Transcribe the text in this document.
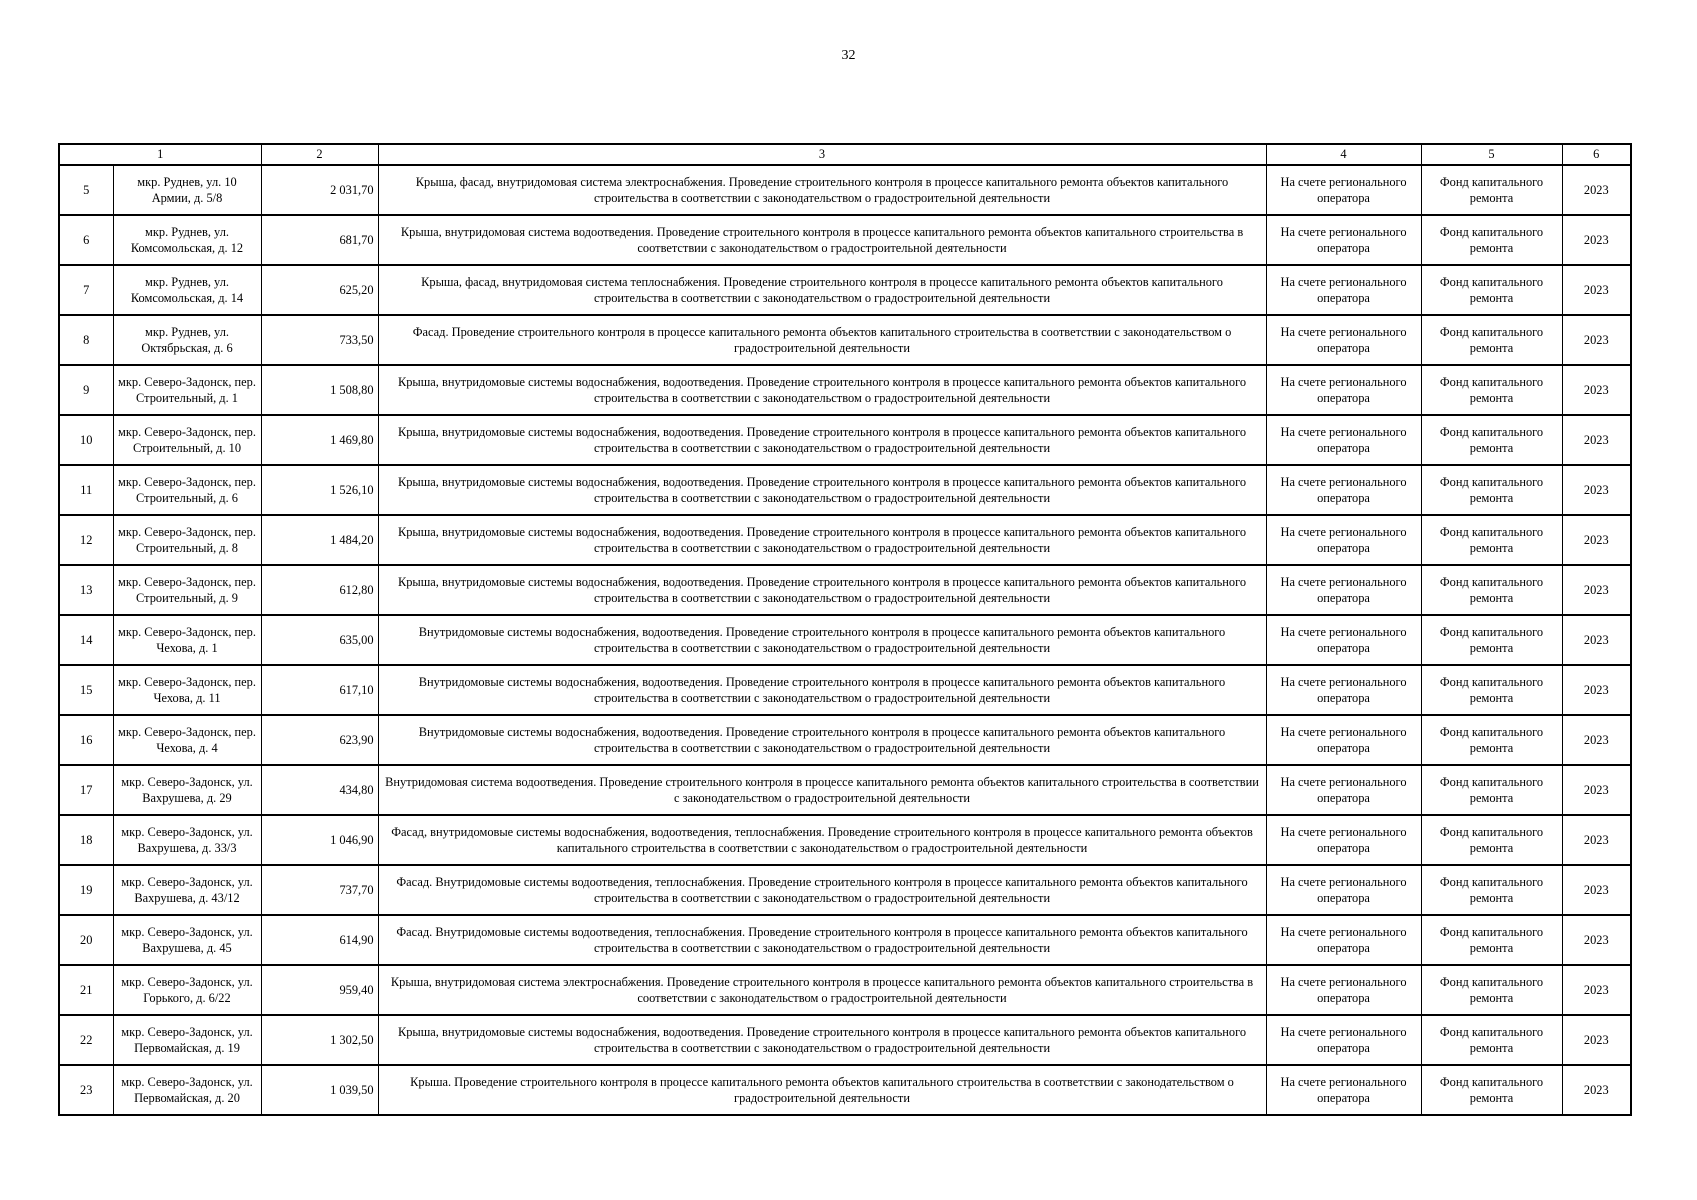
32
1		2	3	4	5	6
5	мкр. Руднев, ул. 10 Армии, д. 5/8	2 031,70	Крыша, фасад, внутридомовая система электроснабжения. Проведение строительного контроля в процессе капитального ремонта объектов капитального строительства в соответствии с законодательством о градостроительной деятельности	На счете регионального оператора	Фонд капитального ремонта	2023
6	мкр. Руднев, ул. Комсомольская, д. 12	681,70	Крыша, внутридомовая система водоотведения. Проведение строительного контроля в процессе капитального ремонта объектов капитального строительства в соответствии с законодательством о градостроительной деятельности	На счете регионального оператора	Фонд капитального ремонта	2023
7	мкр. Руднев, ул. Комсомольская, д. 14	625,20	Крыша, фасад, внутридомовая система теплоснабжения. Проведение строительного контроля в процессе капитального ремонта объектов капитального строительства в соответствии с законодательством о градостроительной деятельности	На счете регионального оператора	Фонд капитального ремонта	2023
8	мкр. Руднев, ул. Октябрьская, д. 6	733,50	Фасад. Проведение строительного контроля в процессе капитального ремонта объектов капитального строительства в соответствии с законодательством о градостроительной деятельности	На счете регионального оператора	Фонд капитального ремонта	2023
9	мкр. Северо-Задонск, пер. Строительный, д. 1	1 508,80	Крыша, внутридомовые системы водоснабжения, водоотведения. Проведение строительного контроля в процессе капитального ремонта объектов капитального строительства в соответствии с законодательством о градостроительной деятельности	На счете регионального оператора	Фонд капитального ремонта	2023
10	мкр. Северо-Задонск, пер. Строительный, д. 10	1 469,80	Крыша, внутридомовые системы водоснабжения, водоотведения. Проведение строительного контроля в процессе капитального ремонта объектов капитального строительства в соответствии с законодательством о градостроительной деятельности	На счете регионального оператора	Фонд капитального ремонта	2023
11	мкр. Северо-Задонск, пер. Строительный, д. 6	1 526,10	Крыша, внутридомовые системы водоснабжения, водоотведения. Проведение строительного контроля в процессе капитального ремонта объектов капитального строительства в соответствии с законодательством о градостроительной деятельности	На счете регионального оператора	Фонд капитального ремонта	2023
12	мкр. Северо-Задонск, пер. Строительный, д. 8	1 484,20	Крыша, внутридомовые системы водоснабжения, водоотведения. Проведение строительного контроля в процессе капитального ремонта объектов капитального строительства в соответствии с законодательством о градостроительной деятельности	На счете регионального оператора	Фонд капитального ремонта	2023
13	мкр. Северо-Задонск, пер. Строительный, д. 9	612,80	Крыша, внутридомовые системы водоснабжения, водоотведения. Проведение строительного контроля в процессе капитального ремонта объектов капитального строительства в соответствии с законодательством о градостроительной деятельности	На счете регионального оператора	Фонд капитального ремонта	2023
14	мкр. Северо-Задонск, пер. Чехова, д. 1	635,00	Внутридомовые системы водоснабжения, водоотведения. Проведение строительного контроля в процессе капитального ремонта объектов капитального строительства в соответствии с законодательством о градостроительной деятельности	На счете регионального оператора	Фонд капитального ремонта	2023
15	мкр. Северо-Задонск, пер. Чехова, д. 11	617,10	Внутридомовые системы водоснабжения, водоотведения. Проведение строительного контроля в процессе капитального ремонта объектов капитального строительства в соответствии с законодательством о градостроительной деятельности	На счете регионального оператора	Фонд капитального ремонта	2023
16	мкр. Северо-Задонск, пер. Чехова, д. 4	623,90	Внутридомовые системы водоснабжения, водоотведения. Проведение строительного контроля в процессе капитального ремонта объектов капитального строительства в соответствии с законодательством о градостроительной деятельности	На счете регионального оператора	Фонд капитального ремонта	2023
17	мкр. Северо-Задонск, ул. Вахрушева, д. 29	434,80	Внутридомовая система водоотведения. Проведение строительного контроля в процессе капитального ремонта объектов капитального строительства в соответствии с законодательством о градостроительной деятельности	На счете регионального оператора	Фонд капитального ремонта	2023
18	мкр. Северо-Задонск, ул. Вахрушева, д. 33/3	1 046,90	Фасад, внутридомовые системы водоснабжения, водоотведения, теплоснабжения. Проведение строительного контроля в процессе капитального ремонта объектов капитального строительства в соответствии с законодательством о градостроительной деятельности	На счете регионального оператора	Фонд капитального ремонта	2023
19	мкр. Северо-Задонск, ул. Вахрушева, д. 43/12	737,70	Фасад. Внутридомовые системы водоотведения, теплоснабжения. Проведение строительного контроля в процессе капитального ремонта объектов капитального строительства в соответствии с законодательством о градостроительной деятельности	На счете регионального оператора	Фонд капитального ремонта	2023
20	мкр. Северо-Задонск, ул. Вахрушева, д. 45	614,90	Фасад. Внутридомовые системы водоотведения, теплоснабжения. Проведение строительного контроля в процессе капитального ремонта объектов капитального строительства в соответствии с законодательством о градостроительной деятельности	На счете регионального оператора	Фонд капитального ремонта	2023
21	мкр. Северо-Задонск, ул. Горького, д. 6/22	959,40	Крыша, внутридомовая система электроснабжения. Проведение строительного контроля в процессе капитального ремонта объектов капитального строительства в соответствии с законодательством о градостроительной деятельности	На счете регионального оператора	Фонд капитального ремонта	2023
22	мкр. Северо-Задонск, ул. Первомайская, д. 19	1 302,50	Крыша, внутридомовые системы водоснабжения, водоотведения. Проведение строительного контроля в процессе капитального ремонта объектов капитального строительства в соответствии с законодательством о градостроительной деятельности	На счете регионального оператора	Фонд капитального ремонта	2023
23	мкр. Северо-Задонск, ул. Первомайская, д. 20	1 039,50	Крыша. Проведение строительного контроля в процессе капитального ремонта объектов капитального строительства в соответствии с законодательством о градостроительной деятельности	На счете регионального оператора	Фонд капитального ремонта	2023
